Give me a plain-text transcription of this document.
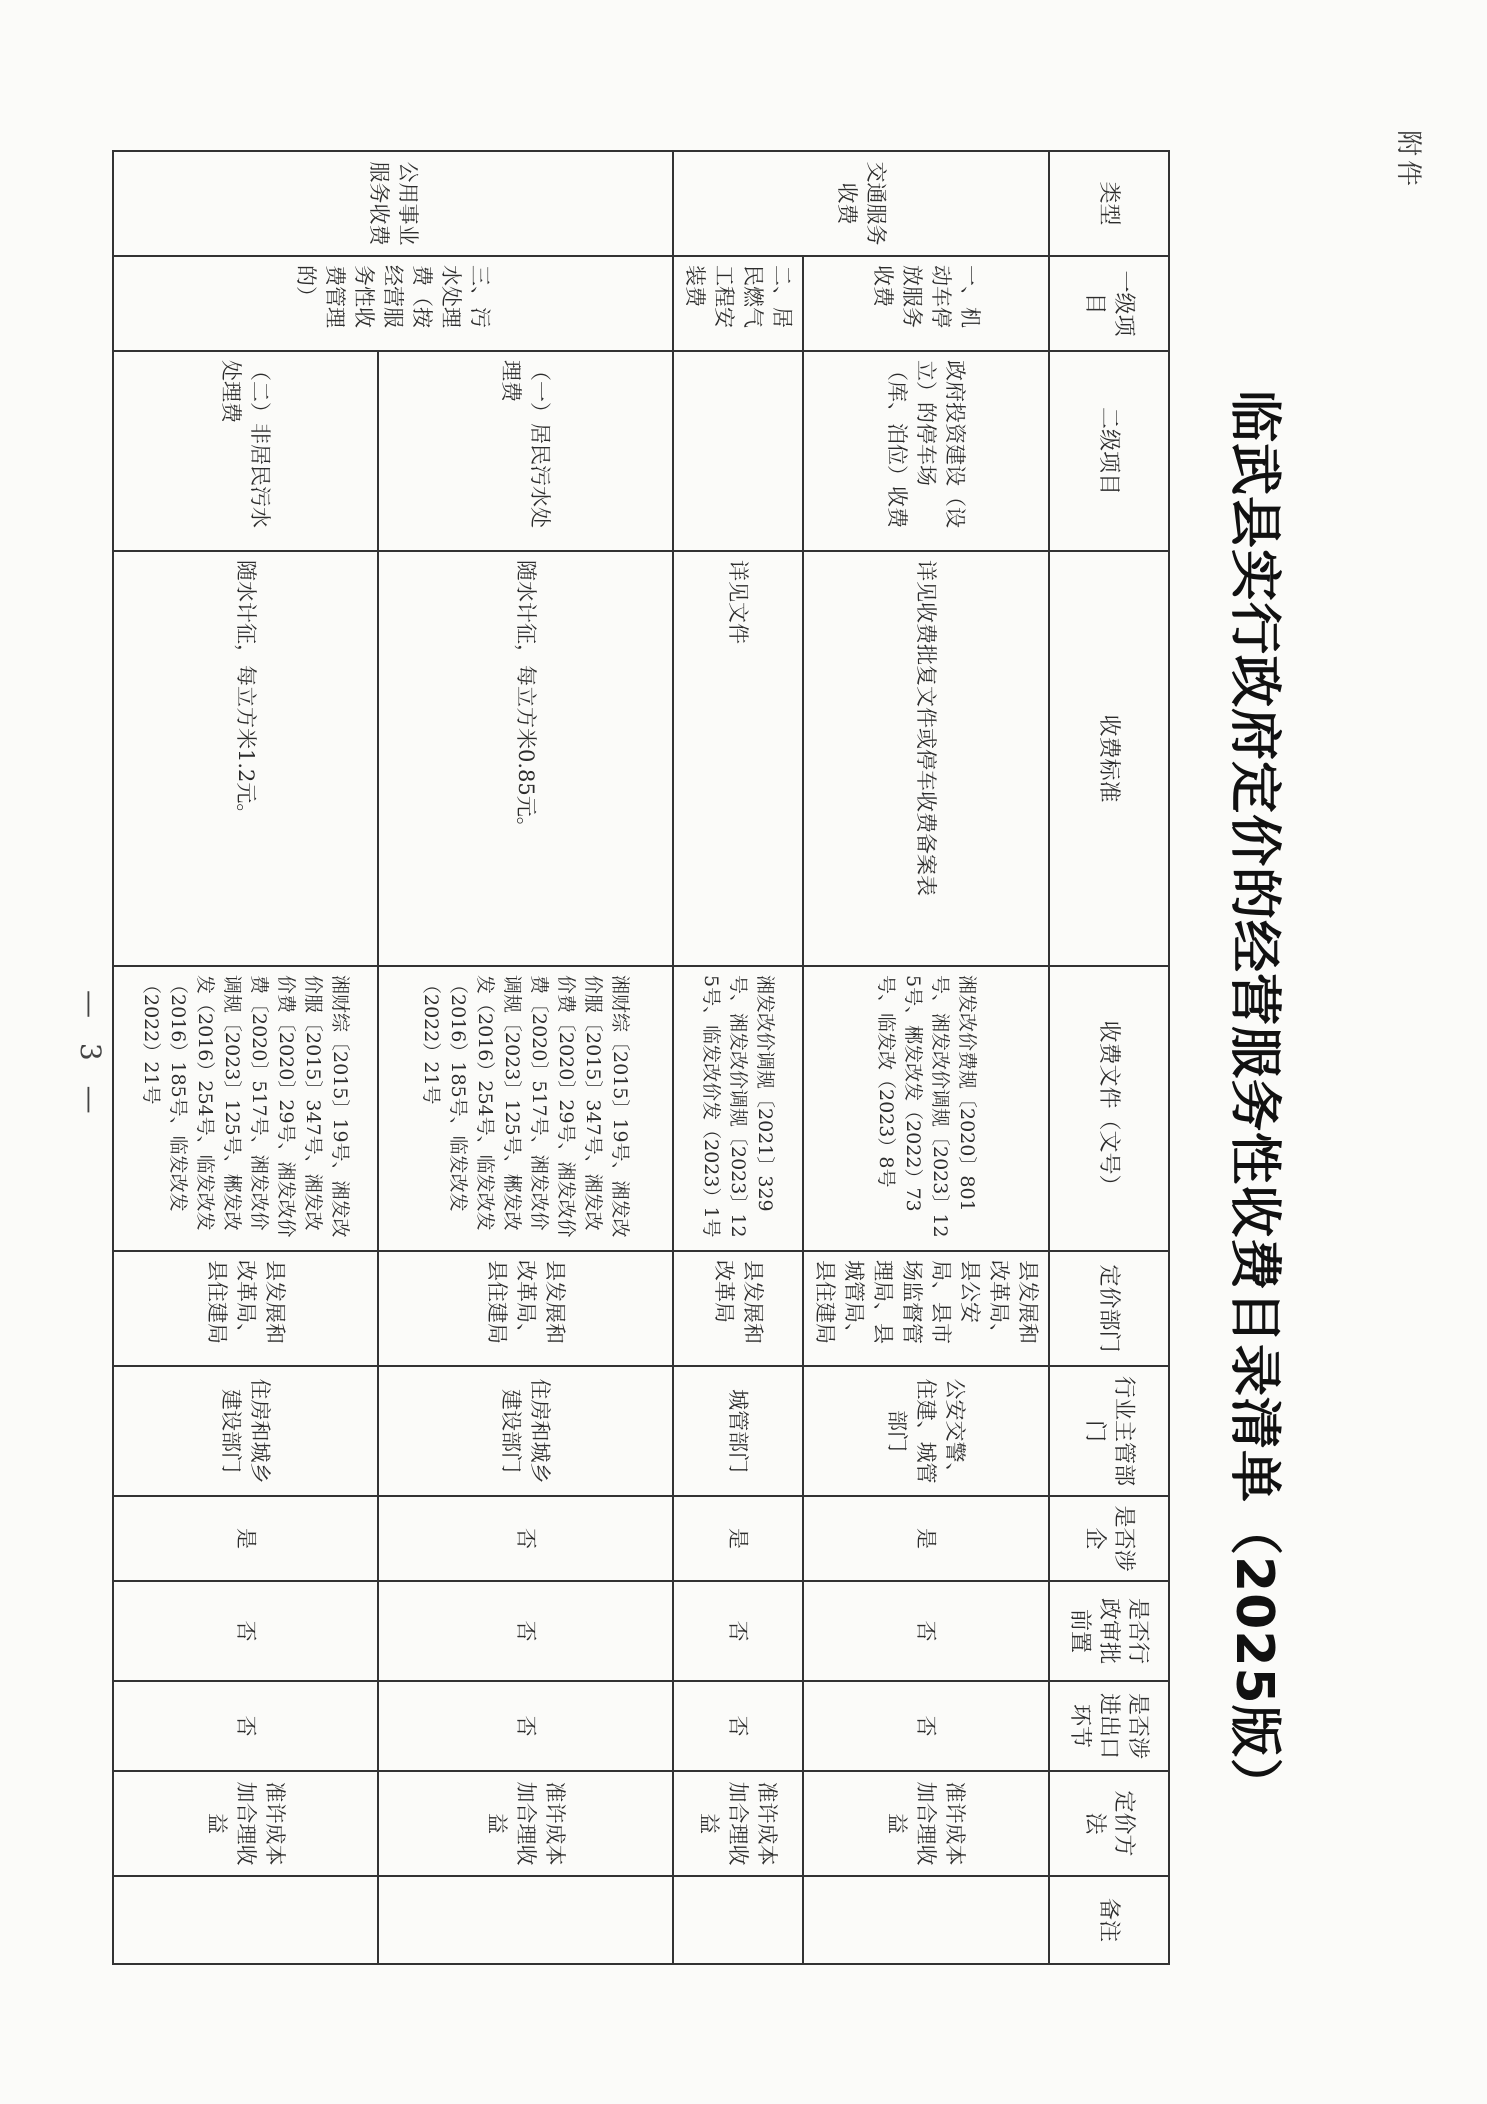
附件
临武县实行政府定价的经营服务性收费目录清单（2025版）
类型	一级项目	二级项目	收费标准	收费文件（文号）	定价部门	行业主管部门	是否涉企	是否行政审批前置	是否涉进出口环节	定价方法	备注
交通服务收费	一、机动车停放服务收费	政府投资建设（设立）的停车场（库、泊位）收费	详见收费批复文件或停车收费备案表	湘发改价费规〔2020〕801号、湘发改价调规〔2023〕125号、郴发改发（2022）73号、临发改（2023）8号	县发展和改革局、县公安局、县市场监督管理局、县城管局、县住建局	公安交警、住建、城管部门	是	否	否	准许成本加合理收益	
	二、居民燃气工程安装费		详见文件	湘发改价调规〔2021〕329号、湘发改价调规〔2023〕125号、临发改价发（2023）1号	县发展和改革局	城管部门	是	否	否	准许成本加合理收益	
公用事业服务收费	三、污水处理费（按经营服务性收费管理的）	（一）居民污水处理费	随水计征，每立方米0.85元。	湘财综〔2015〕19号、湘发改价服〔2015〕347号、湘发改价费〔2020〕29号、湘发改价费〔2020〕517号、湘发改价调规〔2023〕125号、郴发改发（2016）254号、临发改发（2016）185号、临发改发（2022）21号	县发展和改革局、县住建局	住房和城乡建设部门	否	否	否	准许成本加合理收益	
		（二）非居民污水处理费	随水计征，每立方米1.2元。	湘财综〔2015〕19号、湘发改价服〔2015〕347号、湘发改价费〔2020〕29号、湘发改价费〔2020〕517号、湘发改价调规〔2023〕125号、郴发改发（2016）254号、临发改发（2016）185号、临发改发（2022）21号	县发展和改革局、县住建局	住房和城乡建设部门	是	否	否	准许成本加合理收益	
— 3 —
